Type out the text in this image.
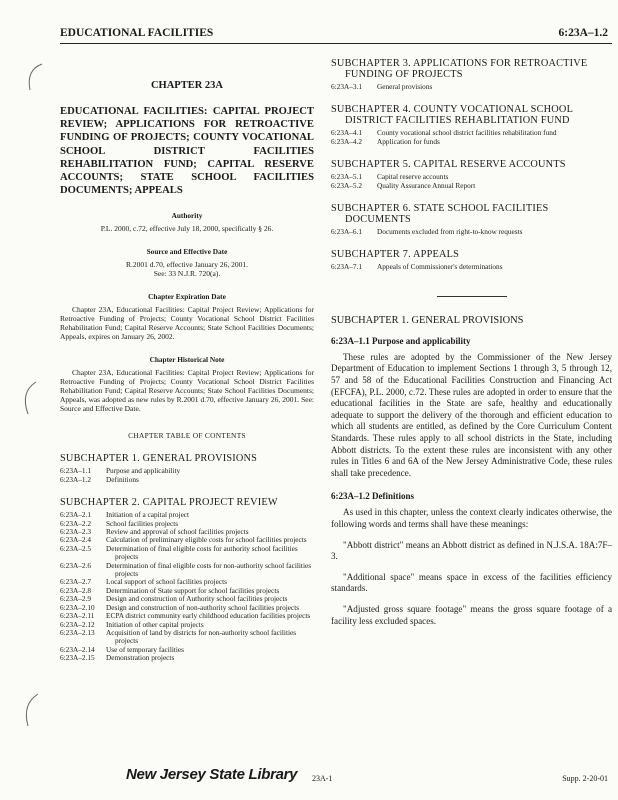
EDUCATIONAL FACILITIES	6:23A–1.2
CHAPTER 23A
EDUCATIONAL FACILITIES: CAPITAL PROJECT REVIEW; APPLICATIONS FOR RETROACTIVE FUNDING OF PROJECTS; COUNTY VOCATIONAL SCHOOL DISTRICT FACILITIES REHABILITATION FUND; CAPITAL RESERVE ACCOUNTS; STATE SCHOOL FACILITIES DOCUMENTS; APPEALS
Authority
P.L. 2000, c.72, effective July 18, 2000, specifically § 26.
Source and Effective Date
R.2001 d.70, effective January 26, 2001.
See: 33 N.J.R. 720(a).
Chapter Expiration Date
Chapter 23A, Educational Facilities: Capital Project Review; Applications for Retroactive Funding of Projects; County Vocational School District Facilities Rehabilitation Fund; Capital Reserve Accounts; State School Facilities Documents; Appeals, expires on January 26, 2002.
Chapter Historical Note
Chapter 23A, Educational Facilities: Capital Project Review; Applications for Retroactive Funding of Projects; County Vocational School District Facilities Rehabilitation Fund; Capital Reserve Accounts; State School Facilities Documents; Appeals, was adopted as new rules by R.2001 d.70, effective January 26, 2001. See: Source and Effective Date.
CHAPTER TABLE OF CONTENTS
SUBCHAPTER 1. GENERAL PROVISIONS
6:23A–1.1	Purpose and applicability
6:23A–1.2	Definitions
SUBCHAPTER 2. CAPITAL PROJECT REVIEW
6:23A–2.1	Initiation of a capital project
6:23A–2.2	School facilities projects
6:23A–2.3	Review and approval of school facilities projects
6:23A–2.4	Calculation of preliminary eligible costs for school facilities projects
6:23A–2.5	Determination of final eligible costs for authority school facilities projects
6:23A–2.6	Determination of final eligible costs for non-authority school facilities projects
6:23A–2.7	Local support of school facilities projects
6:23A–2.8	Determination of State support for school facilities projects
6:23A–2.9	Design and construction of Authority school facilities projects
6:23A–2.10	Design and construction of non-authority school facilities projects
6:23A–2.11	ECPA district community early childhood education facilities projects
6:23A–2.12	Initiation of other capital projects
6:23A–2.13	Acquisition of land by districts for non-authority school facilities projects
6:23A–2.14	Use of temporary facilities
6:23A–2.15	Demonstration projects
SUBCHAPTER 3. APPLICATIONS FOR RETROACTIVE FUNDING OF PROJECTS
6:23A–3.1	General provisions
SUBCHAPTER 4. COUNTY VOCATIONAL SCHOOL DISTRICT FACILITIES REHABLITATION FUND
6:23A–4.1	County vocational school district facilities rehabilitation fund
6:23A–4.2	Application for funds
SUBCHAPTER 5. CAPITAL RESERVE ACCOUNTS
6:23A–5.1	Capital reserve accounts
6:23A–5.2	Quality Assurance Annual Report
SUBCHAPTER 6. STATE SCHOOL FACILITIES DOCUMENTS
6:23A–6.1	Documents excluded from right-to-know requests
SUBCHAPTER 7. APPEALS
6:23A–7.1	Appeals of Commissioner's determinations
SUBCHAPTER 1. GENERAL PROVISIONS
6:23A–1.1 Purpose and applicability

These rules are adopted by the Commissioner of the New Jersey Department of Education to implement Sections 1 through 3, 5 through 12, 57 and 58 of the Educational Facilities Construction and Financing Act (EFCFA), P.L. 2000, c.72. These rules are adopted in order to ensure that the educational facilities in the State are safe, healthy and educationally adequate to support the delivery of the thorough and efficient education to which all students are entitled, as defined by the Core Curriculum Content Standards. These rules apply to all school districts in the State, including Abbott districts. To the extent these rules are inconsistent with any other rules in Titles 6 and 6A of the New Jersey Administrative Code, these rules shall take precedence.

6:23A–1.2 Definitions

As used in this chapter, unless the context clearly indicates otherwise, the following words and terms shall have these meanings:

"Abbott district" means an Abbott district as defined in N.J.S.A. 18A:7F–3.

"Additional space" means space in excess of the facilities efficiency standards.

"Adjusted gross square footage" means the gross square footage of a facility less excluded spaces.

New Jersey State Library 23A-1	Supp. 2-20-01
